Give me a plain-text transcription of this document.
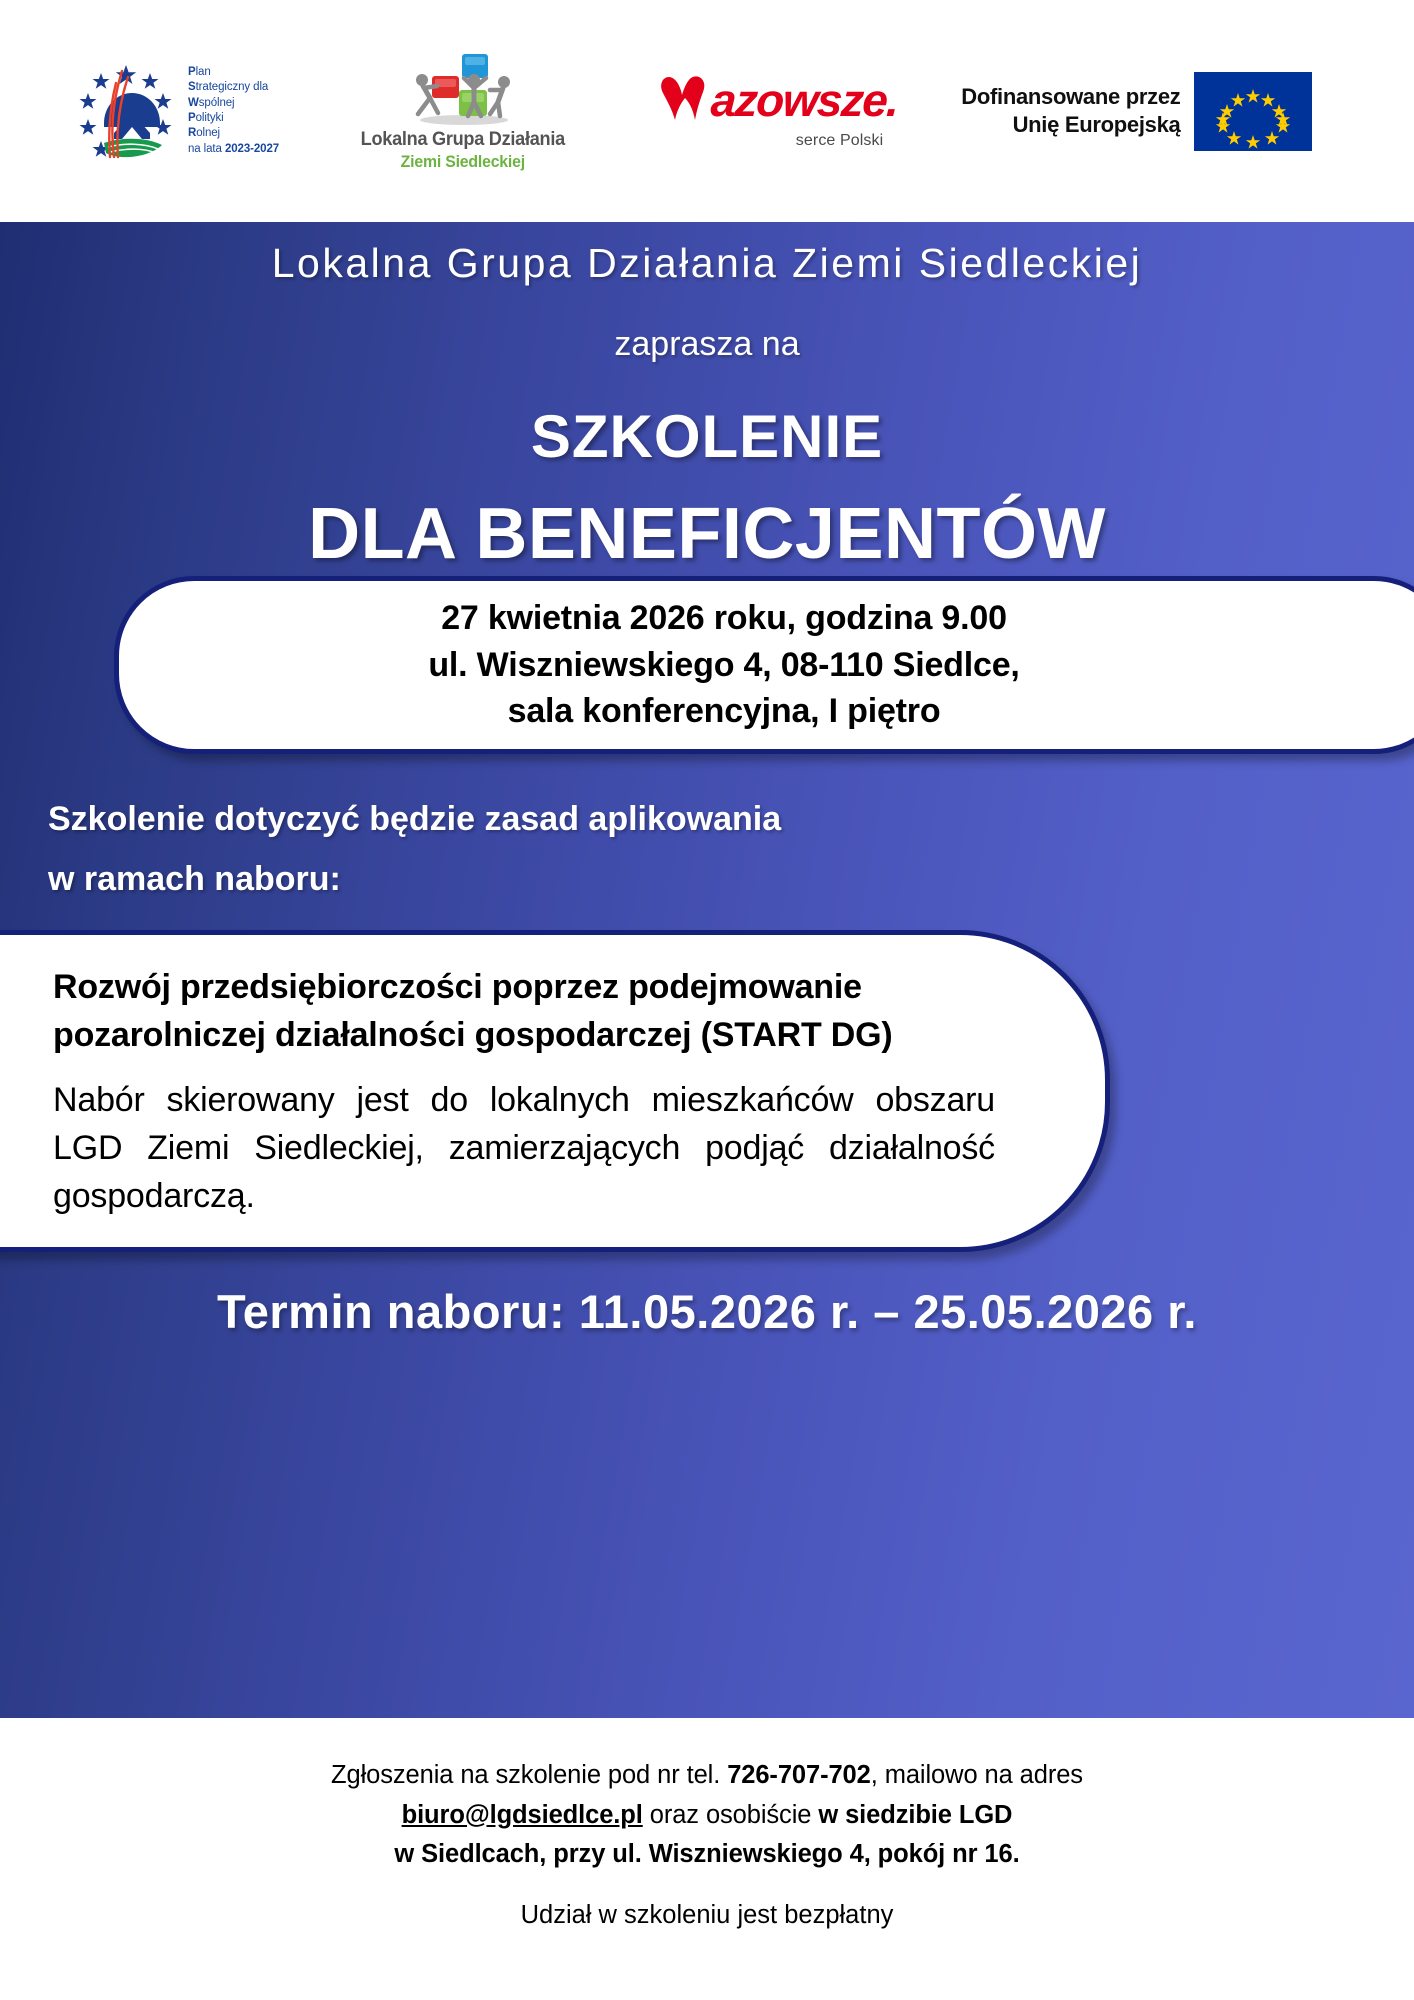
Plan
Strategiczny dla
Wspólnej
Polityki
Rolnej
na lata 2023-2027	Lokalna Grupa Działania
Ziemi Siedleckiej
azowsze.
serce Polski
Dofinansowane przez
Unię Europejską
Lokalna Grupa Działania Ziemi Siedleckiej
zaprasza na
SZKOLENIE
DLA BENEFICJENTÓW
27 kwietnia 2026 roku, godzina 9.00
ul. Wiszniewskiego 4, 08-110 Siedlce,
sala konferencyjna, I piętro
Szkolenie dotyczyć będzie zasad aplikowania
w ramach naboru:
Rozwój przedsiębiorczości poprzez podejmowanie
pozarolniczej działalności gospodarczej (START DG)
Nabór skierowany jest do lokalnych mieszkańców obszaru LGD Ziemi Siedleckiej, zamierzających podjąć działalność gospodarczą.
Termin naboru: 11.05.2026 r. – 25.05.2026 r.
Zgłoszenia na szkolenie pod nr tel. 726-707-702, mailowo na adres
biuro@lgdsiedlce.pl oraz osobiście w siedzibie LGD
w Siedlcach, przy ul. Wiszniewskiego 4, pokój nr 16.
Udział w szkoleniu jest bezpłatny
